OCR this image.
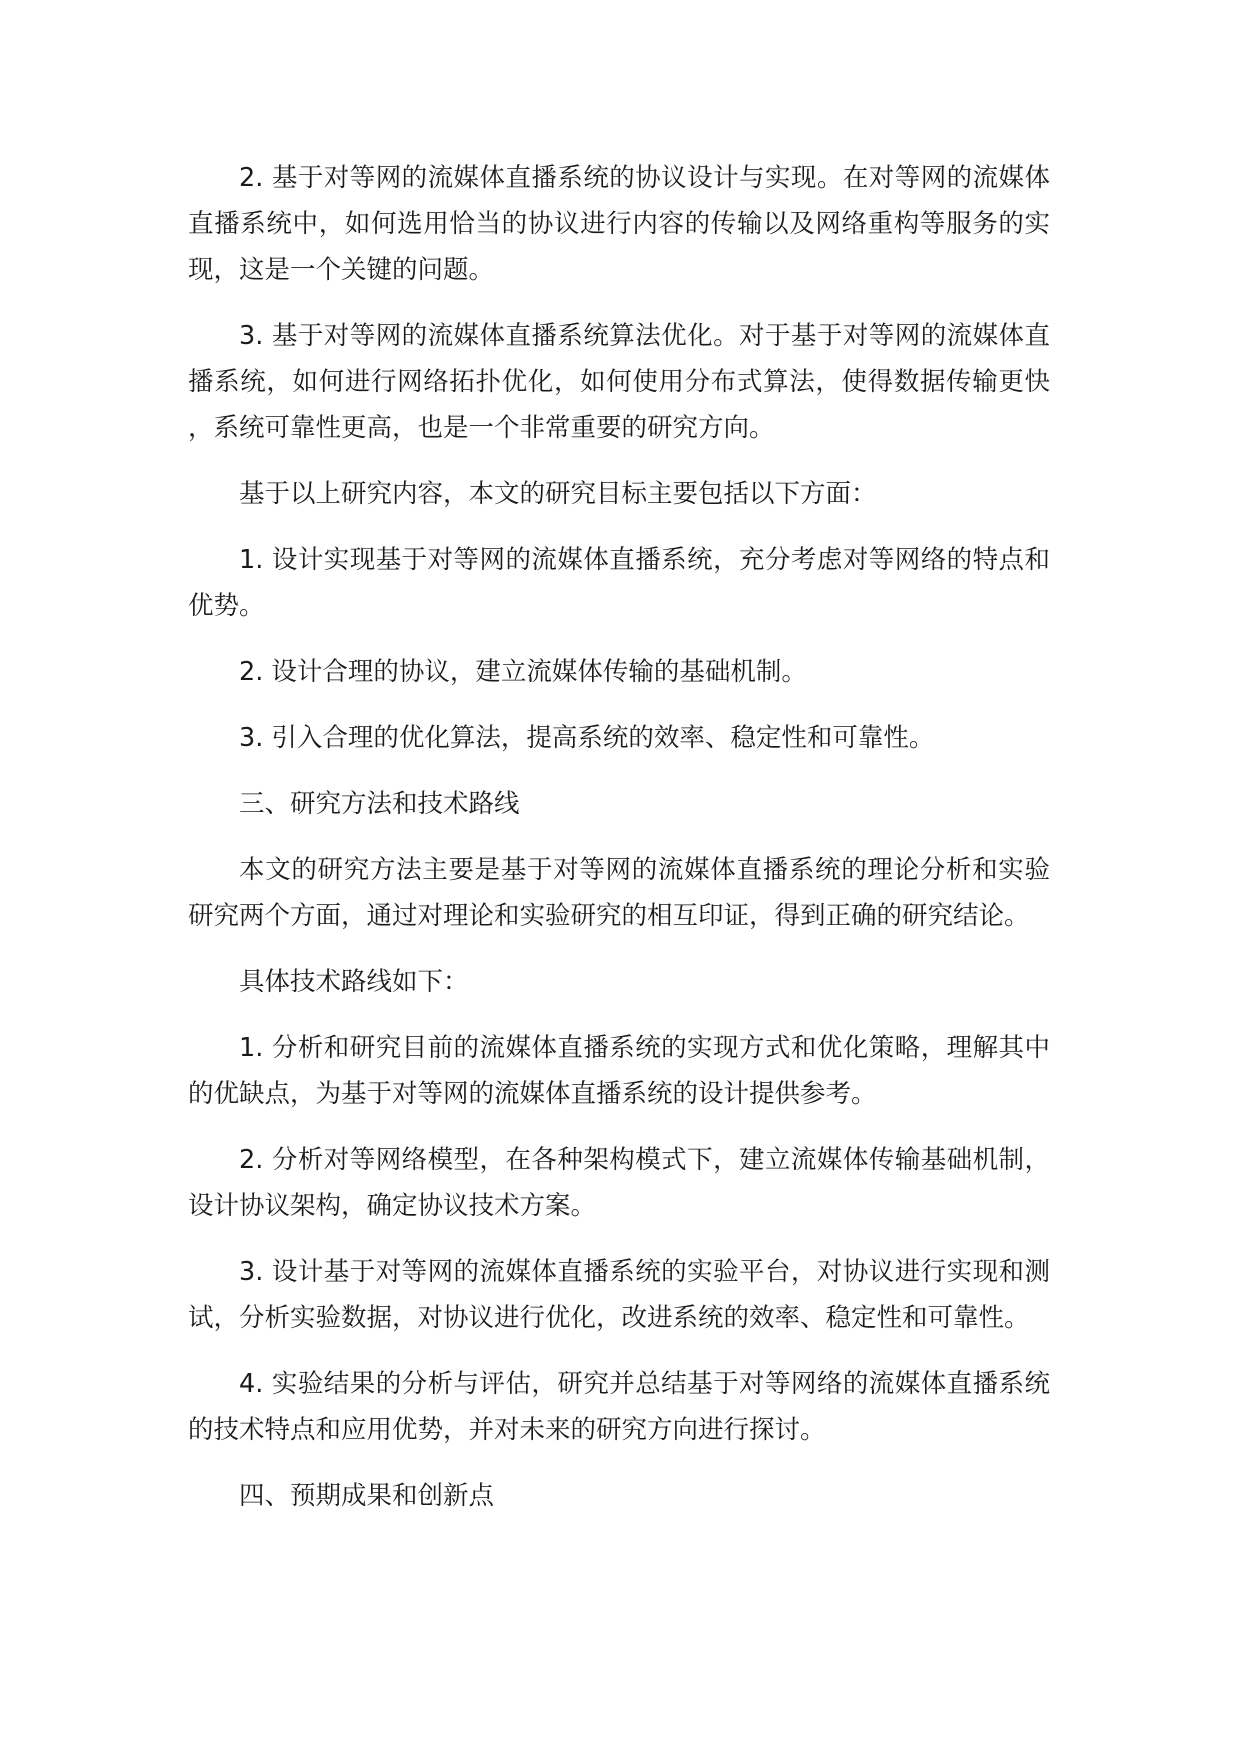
2. 基于对等网的流媒体直播系统的协议设计与实现。在对等网的流媒体直播系统中，如何选用恰当的协议进行内容的传输以及网络重构等服务的实现，这是一个关键的问题。

3. 基于对等网的流媒体直播系统算法优化。对于基于对等网的流媒体直播系统，如何进行网络拓扑优化，如何使用分布式算法，使得数据传输更快，系统可靠性更高，也是一个非常重要的研究方向。

基于以上研究内容，本文的研究目标主要包括以下方面：

1. 设计实现基于对等网的流媒体直播系统，充分考虑对等网络的特点和优势。

2. 设计合理的协议，建立流媒体传输的基础机制。

3. 引入合理的优化算法，提高系统的效率、稳定性和可靠性。

三、研究方法和技术路线

本文的研究方法主要是基于对等网的流媒体直播系统的理论分析和实验研究两个方面，通过对理论和实验研究的相互印证，得到正确的研究结论。

具体技术路线如下：

1. 分析和研究目前的流媒体直播系统的实现方式和优化策略，理解其中的优缺点，为基于对等网的流媒体直播系统的设计提供参考。

2. 分析对等网络模型，在各种架构模式下，建立流媒体传输基础机制，设计协议架构，确定协议技术方案。

3. 设计基于对等网的流媒体直播系统的实验平台，对协议进行实现和测试，分析实验数据，对协议进行优化，改进系统的效率、稳定性和可靠性。

4. 实验结果的分析与评估，研究并总结基于对等网络的流媒体直播系统的技术特点和应用优势，并对未来的研究方向进行探讨。

四、预期成果和创新点
